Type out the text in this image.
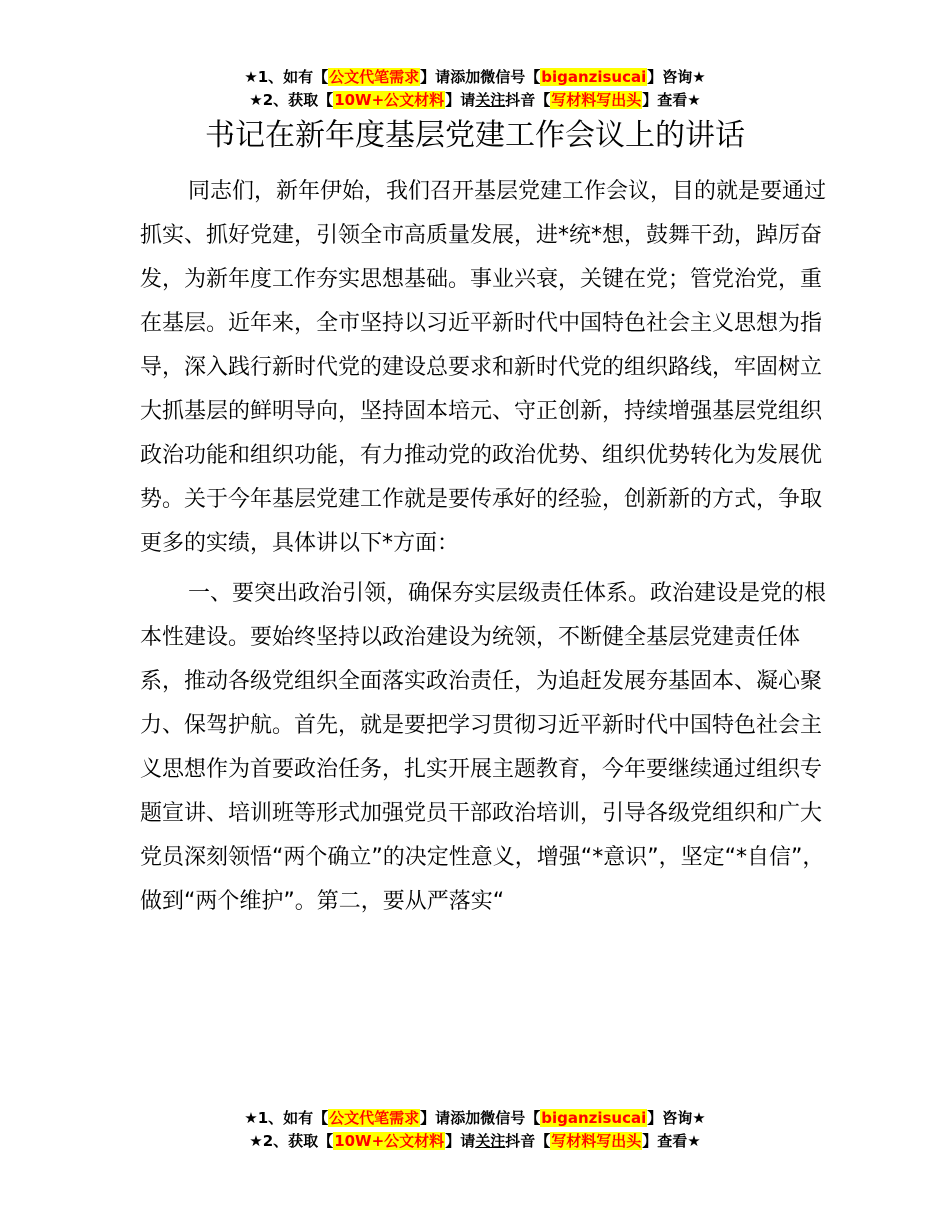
★1、如有【公文代笔需求】请添加微信号【biganzisucai】咨询★
★2、获取【10W+公文材料】请关注抖音【写材料写出头】查看★
书记在新年度基层党建工作会议上的讲话

同志们，新年伊始，我们召开基层党建工作会议，目的就是要通过抓实、抓好党建，引领全市高质量发展，进*统*想，鼓舞干劲，踔厉奋发，为新年度工作夯实思想基础。事业兴衰，关键在党；管党治党，重在基层。近年来，全市坚持以习近平新时代中国特色社会主义思想为指导，深入践行新时代党的建设总要求和新时代党的组织路线，牢固树立大抓基层的鲜明导向，坚持固本培元、守正创新，持续增强基层党组织政治功能和组织功能，有力推动党的政治优势、组织优势转化为发展优势。关于今年基层党建工作就是要传承好的经验，创新新的方式，争取更多的实绩，具体讲以下*方面：

一、要突出政治引领，确保夯实层级责任体系。政治建设是党的根本性建设。要始终坚持以政治建设为统领，不断健全基层党建责任体系，推动各级党组织全面落实政治责任，为追赶发展夯基固本、凝心聚力、保驾护航。首先，就是要把学习贯彻习近平新时代中国特色社会主义思想作为首要政治任务，扎实开展主题教育，今年要继续通过组织专题宣讲、培训班等形式加强党员干部政治培训，引导各级党组织和广大党员深刻领悟“两个确立”的决定性意义，增强“*意识”，坚定“*自信”，做到“两个维护”。第二，要从严落实“

★1、如有【公文代笔需求】请添加微信号【biganzisucai】咨询★
★2、获取【10W+公文材料】请关注抖音【写材料写出头】查看★
